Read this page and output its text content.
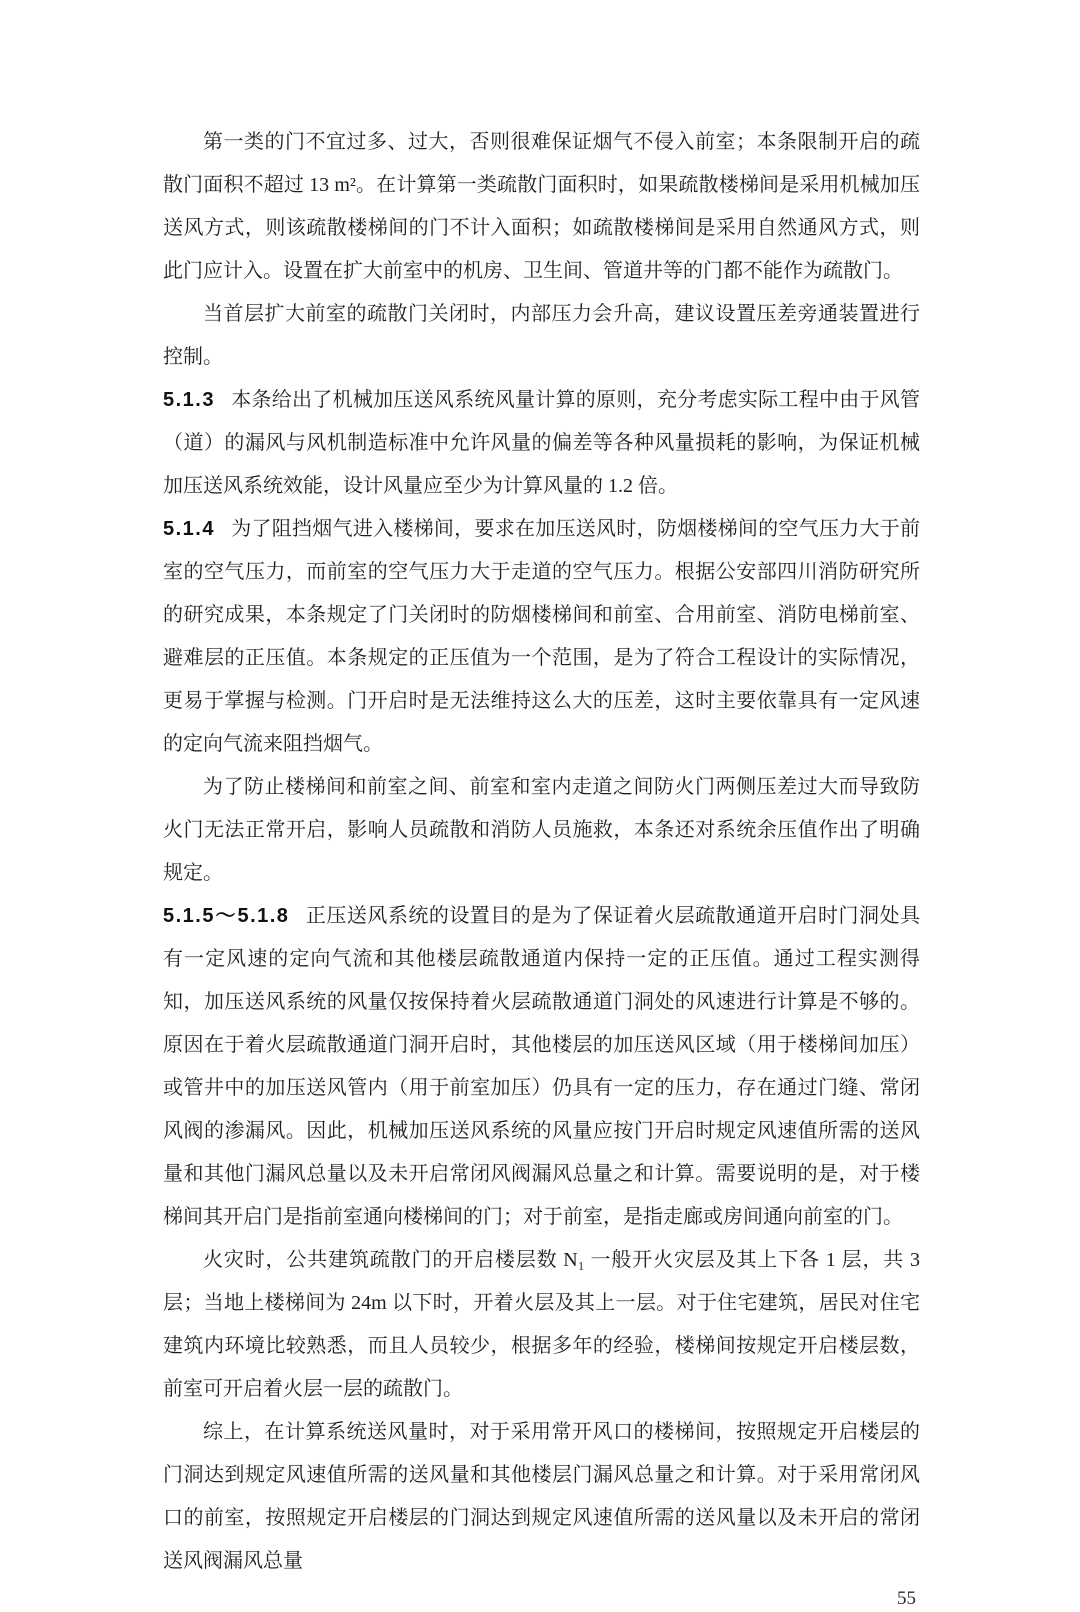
第一类的门不宜过多、过大，否则很难保证烟气不侵入前室；本条限制开启的疏散门面积不超过 13 m²。在计算第一类疏散门面积时，如果疏散楼梯间是采用机械加压送风方式，则该疏散楼梯间的门不计入面积；如疏散楼梯间是采用自然通风方式，则此门应计入。设置在扩大前室中的机房、卫生间、管道井等的门都不能作为疏散门。

当首层扩大前室的疏散门关闭时，内部压力会升高，建议设置压差旁通装置进行控制。

5.1.3 本条给出了机械加压送风系统风量计算的原则，充分考虑实际工程中由于风管（道）的漏风与风机制造标准中允许风量的偏差等各种风量损耗的影响，为保证机械加压送风系统效能，设计风量应至少为计算风量的 1.2 倍。

5.1.4 为了阻挡烟气进入楼梯间，要求在加压送风时，防烟楼梯间的空气压力大于前室的空气压力，而前室的空气压力大于走道的空气压力。根据公安部四川消防研究所的研究成果，本条规定了门关闭时的防烟楼梯间和前室、合用前室、消防电梯前室、避难层的正压值。本条规定的正压值为一个范围，是为了符合工程设计的实际情况，更易于掌握与检测。门开启时是无法维持这么大的压差，这时主要依靠具有一定风速的定向气流来阻挡烟气。

为了防止楼梯间和前室之间、前室和室内走道之间防火门两侧压差过大而导致防火门无法正常开启，影响人员疏散和消防人员施救，本条还对系统余压值作出了明确规定。

5.1.5～5.1.8 正压送风系统的设置目的是为了保证着火层疏散通道开启时门洞处具有一定风速的定向气流和其他楼层疏散通道内保持一定的正压值。通过工程实测得知，加压送风系统的风量仅按保持着火层疏散通道门洞处的风速进行计算是不够的。原因在于着火层疏散通道门洞开启时，其他楼层的加压送风区域（用于楼梯间加压）或管井中的加压送风管内（用于前室加压）仍具有一定的压力，存在通过门缝、常闭风阀的渗漏风。因此，机械加压送风系统的风量应按门开启时规定风速值所需的送风量和其他门漏风总量以及未开启常闭风阀漏风总量之和计算。需要说明的是，对于楼梯间其开启门是指前室通向楼梯间的门；对于前室，是指走廊或房间通向前室的门。

火灾时，公共建筑疏散门的开启楼层数 N₁ 一般开火灾层及其上下各 1 层，共 3 层；当地上楼梯间为 24m 以下时，开着火层及其上一层。对于住宅建筑，居民对住宅建筑内环境比较熟悉，而且人员较少，根据多年的经验，楼梯间按规定开启楼层数，前室可开启着火层一层的疏散门。

综上，在计算系统送风量时，对于采用常开风口的楼梯间，按照规定开启楼层的门洞达到规定风速值所需的送风量和其他楼层门漏风总量之和计算。对于采用常闭风口的前室，按照规定开启楼层的门洞达到规定风速值所需的送风量以及未开启的常闭送风阀漏风总量

55
